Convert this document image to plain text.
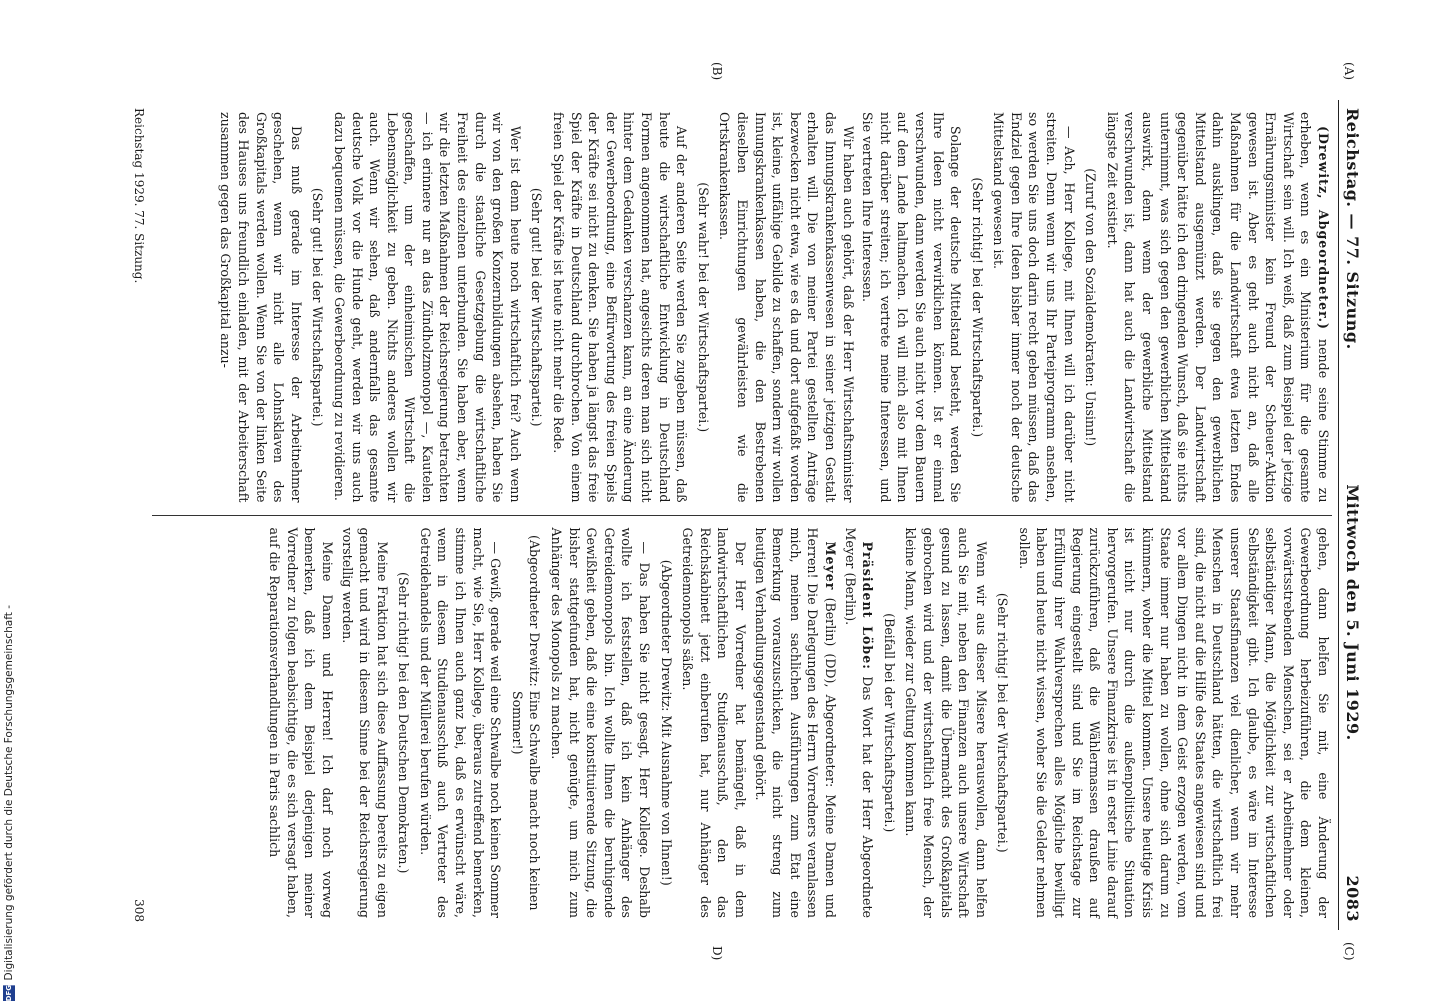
Reichstag. — 77. Sitzung.
Mittwoch den 5. Juni 1929.
2083

(Drewitz, Abgeordneter.) nende seine Stimme zu erheben, wenn es ein Ministerium für die gesamte Wirtschaft sein will. Ich weiß, daß zum Beispiel der jetzige Ernährungsminister kein Freund der Scheuer-Aktion gewesen ist. Aber es geht auch nicht an, daß alle Maßnahmen für die Landwirtschaft etwa letzten Endes dahin ausklingen, daß sie gegen den gewerblichen Mittelstand ausgemünzt werden. Der Landwirtschaft gegenüber hätte ich den dringenden Wunsch, daß sie nichts unternimmt, was sich gegen den gewerblichen Mittelstand auswirkt, denn wenn der gewerbliche Mittelstand verschwunden ist, dann hat auch die Landwirtschaft die längste Zeit existiert.

(Zuruf von den Sozialdemokraten: Unsinn!)

— Ach, Herr Kollege, mit Ihnen will ich darüber nicht streiten. Denn wenn wir uns Ihr Parteiprogramm ansehen, so werden Sie uns doch darin recht geben müssen, daß das Endziel gegen Ihre Ideen bisher immer noch der deutsche Mittelstand gewesen ist.

(Sehr richtig! bei der Wirtschaftspartei.)

Solange der deutsche Mittelstand besteht, werden Sie Ihre Ideen nicht verwirklichen können. Ist er einmal verschwunden, dann werden Sie auch nicht vor dem Bauern auf dem Lande haltmachen. Ich will mich also mit Ihnen nicht darüber streiten; ich vertrete meine Interessen, und Sie vertreten Ihre Interessen.

Wir haben auch gehört, daß der Herr Wirtschaftsminister das Innungskrankenkassenwesen in seiner jetzigen Gestalt erhalten will. Die von meiner Partei gestellten Anträge bezwecken nicht etwa, wie es da und dort aufgefaßt worden ist, kleine, unfähige Gebilde zu schaffen, sondern wir wollen Innungskrankenkassen haben, die den Bestrebenen dieselben Einrichtungen gewährleisten wie die Ortskrankenkassen.

(Sehr wahr! bei der Wirtschaftspartei.)

Auf der anderen Seite werden Sie zugeben müssen, daß heute die wirtschaftliche Entwicklung in Deutschland Formen angenommen hat, angesichts deren man sich nicht hinter dem Gedanken verschanzen kann, an eine Änderung der Gewerbeordnung, eine Befürwortung des freien Spiels der Kräfte sei nicht zu denken. Sie haben ja längst das freie Spiel der Kräfte in Deutschland durchbrochen. Von einem freien Spiel der Kräfte ist heute nicht mehr die Rede.

(Sehr gut! bei der Wirtschaftspartei.)

Wer ist denn heute noch wirtschaftlich frei? Auch wenn wir von den großen Konzernbildungen absehen, haben Sie durch die staatliche Gesetzgebung die wirtschaftliche Freiheit des einzelnen unterbunden. Sie haben aber, wenn wir die letzten Maßnahmen der Reichsregierung betrachten — ich erinnere nur an das Zündholzmonopol —, Kautelen geschaffen, um der einheimischen Wirtschaft die Lebensmöglichkeit zu geben. Nichts anderes wollen wir auch. Wenn wir sehen, daß andernfalls das gesamte deutsche Volk vor die Hunde geht, werden wir uns auch dazu bequemen müssen, die Gewerbeordnung zu revidieren.

(Sehr gut! bei der Wirtschaftspartei.)

Das muß gerade im Interesse der Arbeitnehmer geschehen, wenn wir nicht alle Lohnsklaven des Großkapitals werden wollen. Wenn Sie von der linken Seite des Hauses uns freundlich einladen, mit der Arbeiterschaft zusammen gegen das Großkapital anzu-

gehen, dann helfen Sie mit, eine Änderung der Gewerbeordnung herbeizuführen, die dem kleinen, vorwärtsstrebenden Menschen, sei er Arbeitnehmer oder selbständiger Mann, die Möglichkeit zur wirtschaftlichen Selbständigkeit gibt. Ich glaube, es wäre im Interesse unserer Staatsfinanzen viel dienlicher, wenn wir mehr Menschen in Deutschland hätten, die wirtschaftlich frei sind, die nicht auf die Hilfe des Staates angewiesen sind und vor allem Dingen nicht in dem Geist erzogen werden, vom Staate immer nur haben zu wollen, ohne sich darum zu kümmern, woher die Mittel kommen. Unsere heutige Krisis ist nicht nur durch die außenpolitische Situation hervorgerufen. Unsere Finanzkrise ist in erster Linie darauf zurückzuführen, daß die Wählermassen draußen auf Regierung eingestellt sind und Sie im Reichstage zur Erfüllung ihrer Wahlversprechen alles Mögliche bewilligt haben und heute nicht wissen, woher Sie die Gelder nehmen sollen.

(Sehr richtig! bei der Wirtschaftspartei.)

Wenn wir aus dieser Misere herauswollen, dann helfen auch Sie mit, neben den Finanzen auch unsere Wirtschaft gesund zu lassen, damit die Übermacht des Großkapitals gebrochen wird und der wirtschaftlich freie Mensch, der kleine Mann, wieder zur Geltung kommen kann.

(Beifall bei der Wirtschaftspartei.)

Präsident Löbe: Das Wort hat der Herr Abgeordnete Meyer (Berlin).

Meyer (Berlin) (DD), Abgeordneter: Meine Damen und Herren! Die Darlegungen des Herrn Vorredners veranlassen mich, meinen sachlichen Ausführungen zum Etat eine Bemerkung vorauszuschicken, die nicht streng zum heutigen Verhandlungsgegenstand gehört.

Der Herr Vorredner hat bemängelt, daß in dem landwirtschaftlichen Studienausschuß, den das Reichskabinett jetzt einberufen hat, nur Anhänger des Getreidemonopols säßen.

(Abgeordneter Drewitz: Mit Ausnahme von Ihnen!)

— Das haben Sie nicht gesagt, Herr Kollege. Deshalb wollte ich feststellen, daß ich kein Anhänger des Getreidemonopols bin. Ich wollte Ihnen die beruhigende Gewißheit geben, daß die eine konstituierende Sitzung, die bisher stattgefunden hat, nicht genügte, um mich zum Anhänger des Monopols zu machen.

(Abgeordneter Drewitz: Eine Schwalbe macht noch keinen Sommer!)

— Gewiß, gerade weil eine Schwalbe noch keinen Sommer macht, wie Sie, Herr Kollege, überaus zutreffend bemerken, stimme ich Ihnen auch ganz bei, daß es erwünscht wäre, wenn in diesem Studienausschuß auch Vertreter des Getreidehandels und der Müllerei berufen würden.

(Sehr richtig! bei den Deutschen Demokraten.)

Meine Fraktion hat sich diese Auffassung bereits zu eigen gemacht und wird in diesem Sinne bei der Reichsregierung vorstellig werden.

Meine Damen und Herren! Ich darf noch vorweg bemerken, daß ich dem Beispiel derjenigen meiner Vorredner zu folgen beabsichtige, die es sich versagt haben, auf die Reparationsverhandlungen in Paris sachlich

Reichstag 1929. 77. Sitzung.
308
(A)
(B)
(C)
D)
Digitalisierung gefördert durch die Deutsche Forschungsgemeinschaft -
DFG
